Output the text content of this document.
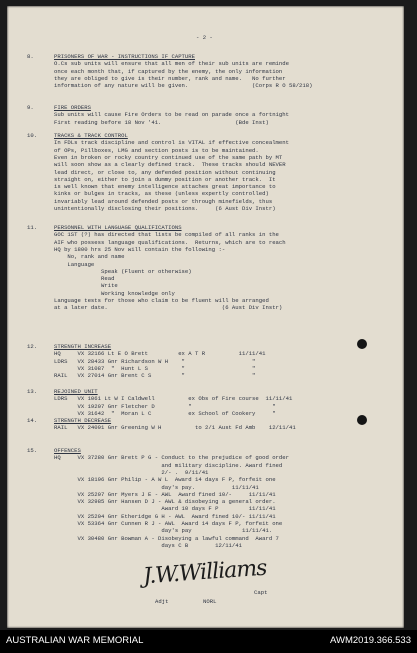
- 2 -
J.W.Williams
Adjt	NORL
Capt
8.	PRISONERS OF WAR - INSTRUCTIONS IF CAPTURE
O.Cs sub units will ensure that all men of their sub units are reminde
once each month that, if captured by the enemy, the only information
they are obliged to give is their number, rank and name.   No further
information of any nature will be given.                   (Corps R O 58/218)
9.	FIRE ORDERS
Sub units will cause Fire Orders to be read on parade once a fortnight
First reading before 18 Nov '41.                      (Bde Inst)
10.	TRACKS & TRACK CONTROL
In FDLs track discipline and control is VITAL if effective concealment
of OPs, Pillboxes, LMG and section posts is to be maintained.
Even in broken or rocky country continued use of the same path by MT
will soon show as a clearly defined track.  These tracks should NEVER
lead direct, or close to, any defended position without continuing
straight on, either to join a dummy position or another track.  It
is well known that enemy intelligence attaches great importance to
kinks or bulges in tracks, as these (unless expertly controlled)
invariably lead around defended posts or through minefields, thus
unintentionally disclosing their positions.     (6 Aust Div Instr)
11.	PERSONNEL WITH LANGUAGE QUALIFICATIONS
GOC 1ST (?) has directed that lists be compiled of all ranks in the
AIF who possess language qualifications.  Returns, which are to reach
HQ by 1800 hrs 25 Nov will contain the following :-
No, rank and name
Language
Speak (Fluent or otherwise)
Read
Write
Working knowledge only
Language tests for those who claim to be fluent will be arranged
at a later date.                                  (6 Aust Div Instr)
12.	STRENGTH INCREASE
HQ     VX 32166 Lt E O Brett         ex A T R          11/11/41
LDRS   VX 28433 Gnr Richardson W H    "                    "
VX 31087  "  Hunt L S          "                    "
RAIL   VX 27014 Gnr Brent C S         "                    "
13.	REJOINED UNIT
LDRS   VX 1061 Lt W I Caldwell          ex Obs of Fire course  11/11/41
VX 19207 Gnr Fletcher D          "                        "
VX 31642  "  Moran L C           ex School of Cookery     "
14.	STRENGTH DECREASE
RAIL   VX 24091 Gnr Greening W H          to 2/1 Aust Fd Amb    12/11/41
15.	OFFENCES
HQ     VX 37280 Gnr Brett P G - Conduct to the prejudice of good order
and military discipline. Award fined
2/- .  9/11/41
VX 18196 Gnr Philip - A W L  Award 14 days F P, forfeit one
day's pay.           11/11/41
VX 25207 Gnr Myers J E - AWL  Award fined 10/-     11/11/41
VX 32985 Gnr Hansen D J - AWL & disobeying a general order.
Award 10 days F P         11/11/41
VX 25204 Gnr Etheridge G H - AWL  Award fined 10/- 11/11/41
VX 53364 Gnr Cunnen R J - AWL  Award 14 days F P, forfeit one
day's pay               11/11/41.
VX 30480 Gnr Bowman A - Disobeying a lawful command  Award 7
days C B        12/11/41
AUSTRALIAN WAR MEMORIAL	AWM2019.366.533
